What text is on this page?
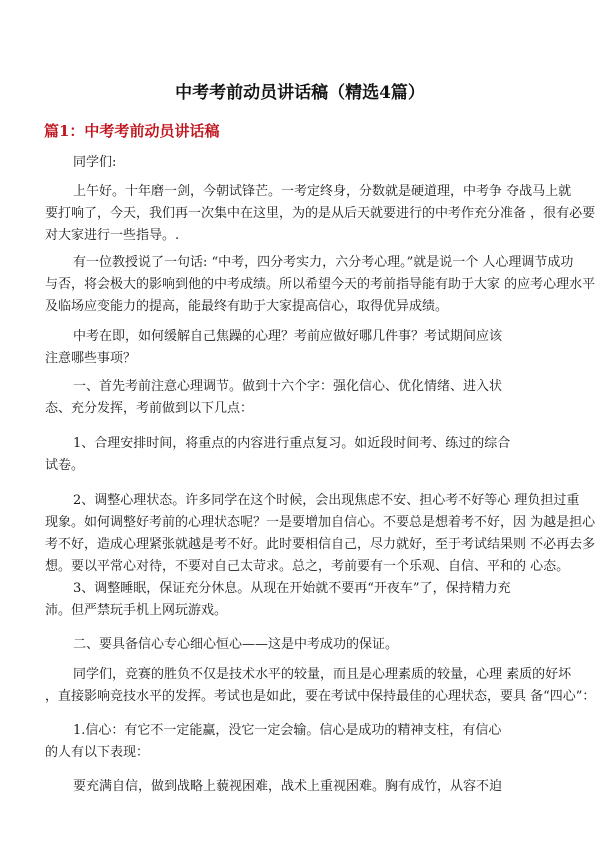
中考考前动员讲话稿（精选4篇）
篇1：中考考前动员讲话稿
同学们:
上午好。十年磨一剑，今朝试锋芒。一考定终身，分数就是硬道理，中考争 夺战马上就
要打响了，今天，我们再一次集中在这里，为的是从后天就要进行的中考作充分准备 ，很有必要
对大家进行一些指导。.
有一位教授说了一句话: “中考，四分考实力，六分考心理。”就是说一个 人心理调节成功
与否，将会极大的影响到他的中考成绩。所以希望今天的考前指导能有助于大家 的应考心理水平
及临场应变能力的提高，能最终有助于大家提高信心，取得优异成绩。
中考在即，如何缓解自己焦躁的心理？考前应做好哪几件事？考试期间应该
注意哪些事项？
一、首先考前注意心理调节。做到十六个字：强化信心、优化情绪、进入状
态、充分发挥，考前做到以下几点：
1、合理安排时间，将重点的内容进行重点复习。如近段时间考、练过的综合
试卷。
2、调整心理状态。许多同学在这个时候，会出现焦虑不安、担心考不好等心 理负担过重
现象。如何调整好考前的心理状态呢？一是要增加自信心。不要总是想着考不好，因 为越是担心
考不好，造成心理紧张就越是考不好。此时要相信自己，尽力就好，至于考试结果则 不必再去多
想。要以平常心对待，不要对自己太苛求。总之，考前要有一个乐观、自信、平和的 心态。
3、调整睡眠，保证充分休息。从现在开始就不要再“开夜车”了，保持精力充
沛。但严禁玩手机上网玩游戏。
二、要具备信心专心细心恒心——这是中考成功的保证。
同学们，竞赛的胜负不仅是技术水平的较量，而且是心理素质的较量，心理 素质的好坏
，直接影响竞技水平的发挥。考试也是如此，要在考试中保持最佳的心理状态，要具 备“四心”：
1.信心：有它不一定能赢，没它一定会输。信心是成功的精神支柱，有信心
的人有以下表现：
要充满自信，做到战略上藐视困难，战术上重视困难。胸有成竹，从容不迫
